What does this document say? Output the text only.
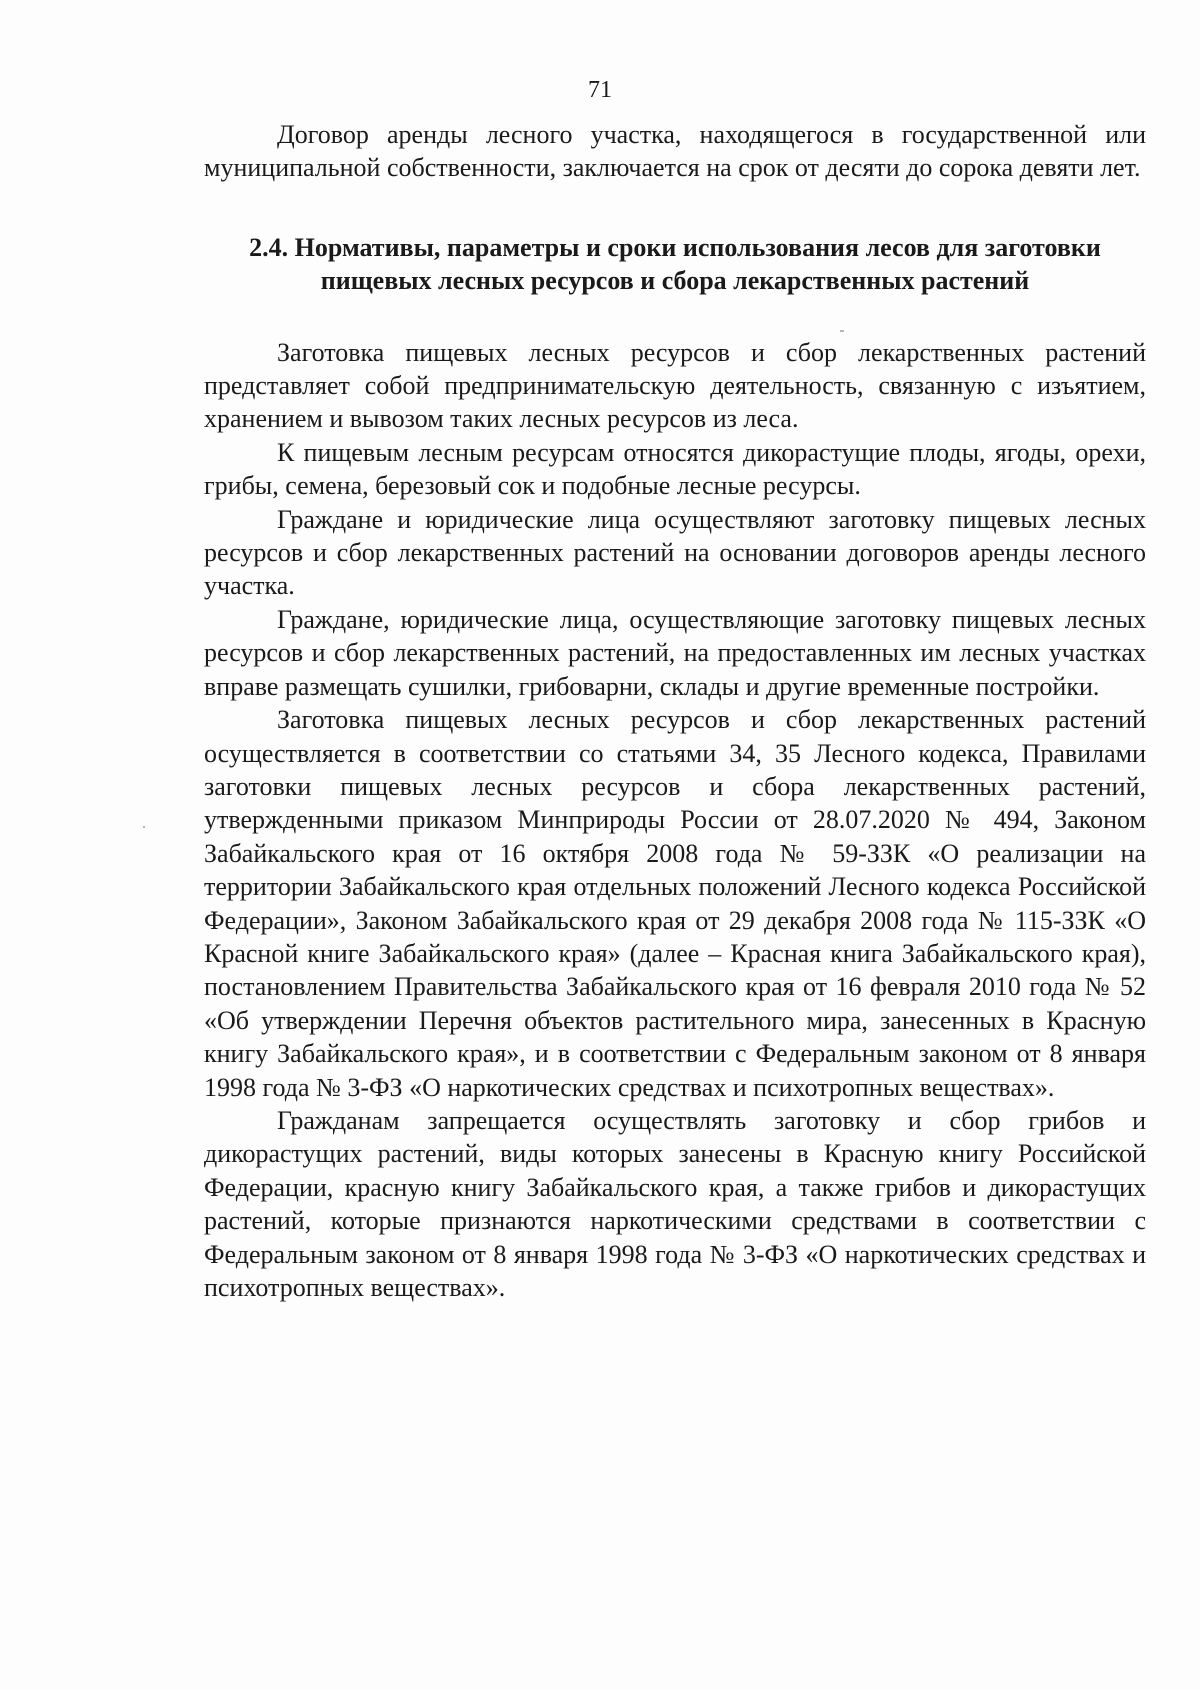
71

Договор аренды лесного участка, находящегося в государственной или муниципальной собственности, заключается на срок от десяти до сорока девяти лет.

2.4. Нормативы, параметры и сроки использования лесов для заготовки пищевых лесных ресурсов и сбора лекарственных растений

Заготовка пищевых лесных ресурсов и сбор лекарственных растений представляет собой предпринимательскую деятельность, связанную с изъятием, хранением и вывозом таких лесных ресурсов из леса.

К пищевым лесным ресурсам относятся дикорастущие плоды, ягоды, орехи, грибы, семена, березовый сок и подобные лесные ресурсы.

Граждане и юридические лица осуществляют заготовку пищевых лесных ресурсов и сбор лекарственных растений на основании договоров аренды лесного участка.

Граждане, юридические лица, осуществляющие заготовку пищевых лесных ресурсов и сбор лекарственных растений, на предоставленных им лесных участках вправе размещать сушилки, грибоварни, склады и другие временные постройки.

Заготовка пищевых лесных ресурсов и сбор лекарственных растений осуществляется в соответствии со статьями 34, 35 Лесного кодекса, Правилами заготовки пищевых лесных ресурсов и сбора лекарственных растений, утвержденными приказом Минприроды России от 28.07.2020 № 494, Законом Забайкальского края от 16 октября 2008 года № 59-ЗЗК «О реализации на территории Забайкальского края отдельных положений Лесного кодекса Российской Федерации», Законом Забайкальского края от 29 декабря 2008 года № 115-ЗЗК «О Красной книге Забайкальского края» (далее – Красная книга Забайкальского края), постановлением Правительства Забайкальского края от 16 февраля 2010 года № 52 «Об утверждении Перечня объектов растительного мира, занесенных в Красную книгу Забайкальского края», и в соответствии с Федеральным законом от 8 января 1998 года № 3-ФЗ «О наркотических средствах и психотропных веществах».

Гражданам запрещается осуществлять заготовку и сбор грибов и дикорастущих растений, виды которых занесены в Красную книгу Российской Федерации, красную книгу Забайкальского края, а также грибов и дикорастущих растений, которые признаются наркотическими средствами в соответствии с Федеральным законом от 8 января 1998 года № 3-ФЗ «О наркотических средствах и психотропных веществах».
